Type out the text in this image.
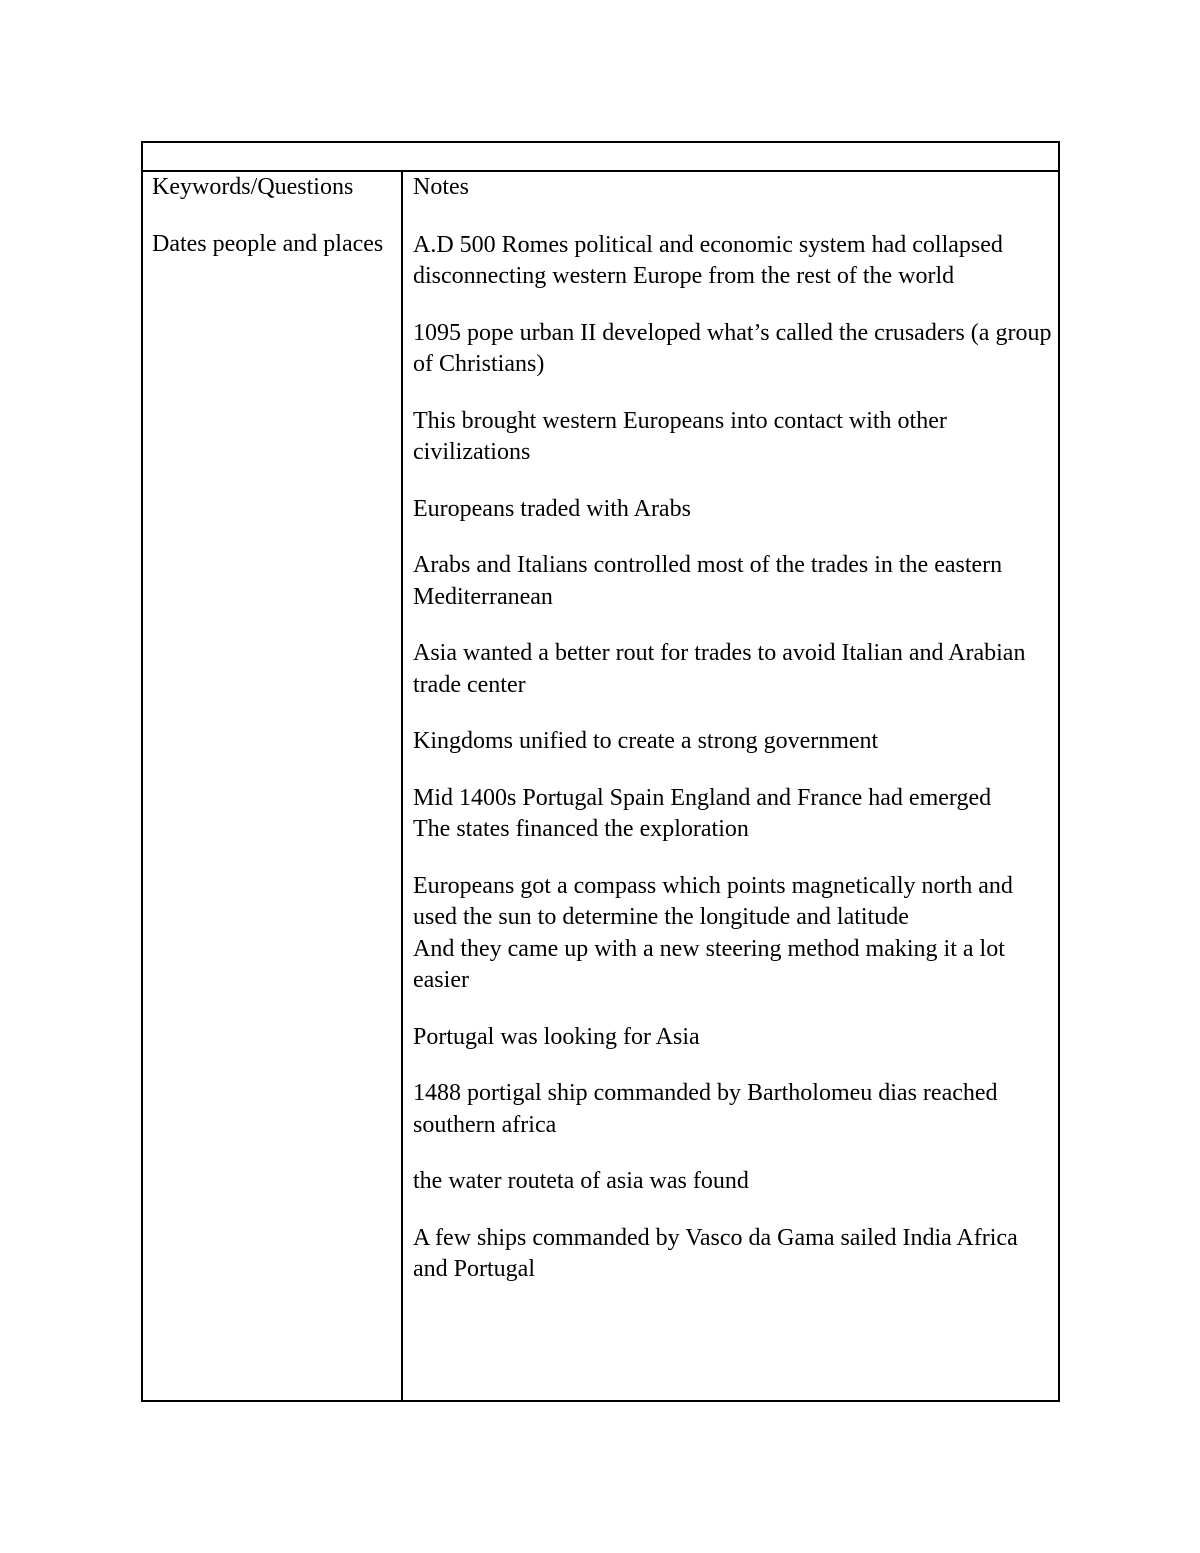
Keywords/Questions

Dates people and places

Notes

A.D 500 Romes political and economic system had collapsed disconnecting western Europe from the rest of the world

1095 pope urban II developed what’s called the crusaders (a group of Christians)

This brought western Europeans into contact with other civilizations

Europeans traded with Arabs

Arabs and Italians controlled most of the trades in the eastern Mediterranean

Asia wanted a better rout for trades to avoid Italian and Arabian trade center

Kingdoms unified to create a strong government

Mid 1400s Portugal Spain England and France had emerged
The states financed the exploration

Europeans got a compass which points magnetically north and used the sun to determine the longitude and latitude
And they came up with a new steering method making it a lot easier

Portugal was looking for Asia

1488 portigal ship commanded by Bartholomeu dias reached southern africa

the water routeta of asia was found

A few ships commanded by Vasco da Gama sailed India Africa and Portugal
